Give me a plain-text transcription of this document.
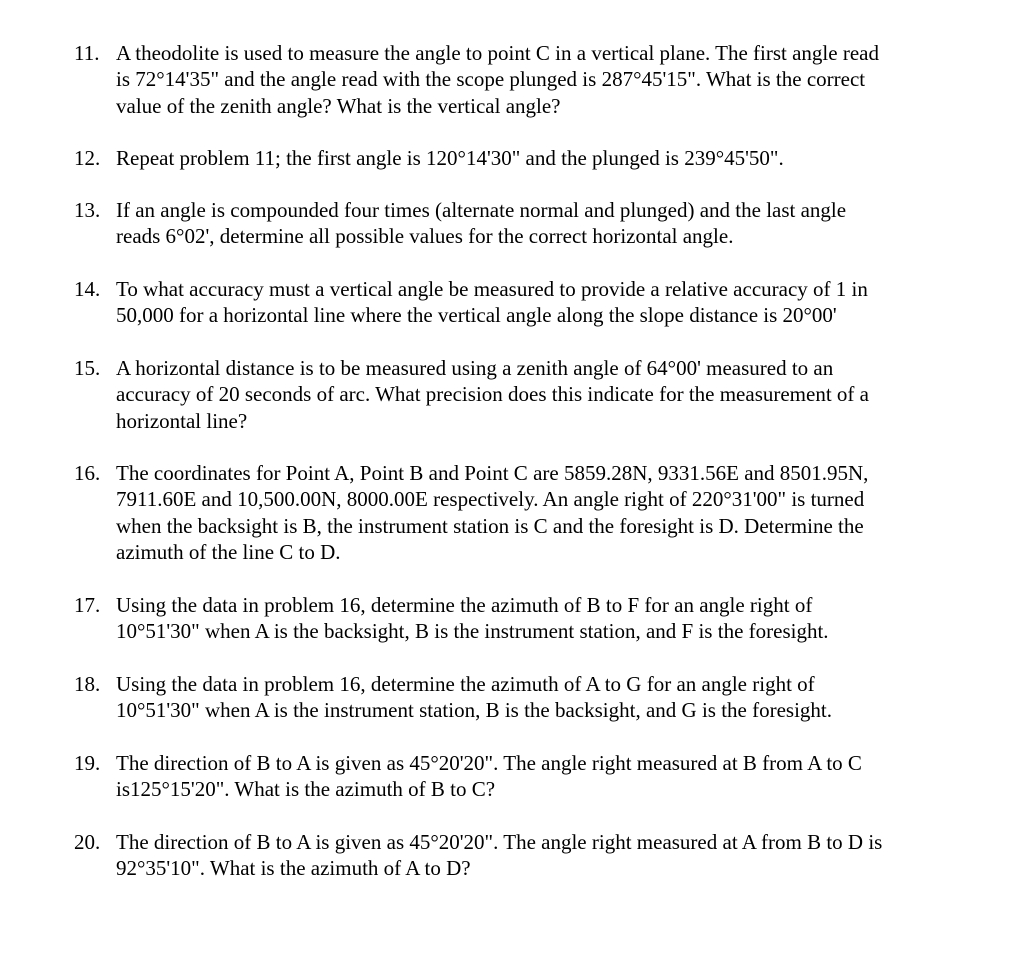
11. A theodolite is used to measure the angle to point C in a vertical plane. The first angle read
is 72°14'35" and the angle read with the scope plunged is 287°45'15". What is the correct
value of the zenith angle? What is the vertical angle?
12. Repeat problem 11; the first angle is 120°14'30" and the plunged is 239°45'50".
13. If an angle is compounded four times (alternate normal and plunged) and the last angle
reads 6°02', determine all possible values for the correct horizontal angle.
14. To what accuracy must a vertical angle be measured to provide a relative accuracy of 1 in
50,000 for a horizontal line where the vertical angle along the slope distance is 20°00'
15. A horizontal distance is to be measured using a zenith angle of 64°00' measured to an
accuracy of 20 seconds of arc. What precision does this indicate for the measurement of a
horizontal line?
16. The coordinates for Point A, Point B and Point C are 5859.28N, 9331.56E and 8501.95N,
7911.60E and 10,500.00N, 8000.00E respectively. An angle right of 220°31'00" is turned
when the backsight is B, the instrument station is C and the foresight is D. Determine the
azimuth of the line C to D.
17. Using the data in problem 16, determine the azimuth of B to F for an angle right of
10°51'30" when A is the backsight, B is the instrument station, and F is the foresight.
18. Using the data in problem 16, determine the azimuth of A to G for an angle right of
10°51'30" when A is the instrument station, B is the backsight, and G is the foresight.
19. The direction of B to A is given as 45°20'20". The angle right measured at B from A to C
is125°15'20". What is the azimuth of B to C?
20. The direction of B to A is given as 45°20'20". The angle right measured at A from B to D is
92°35'10". What is the azimuth of A to D?
